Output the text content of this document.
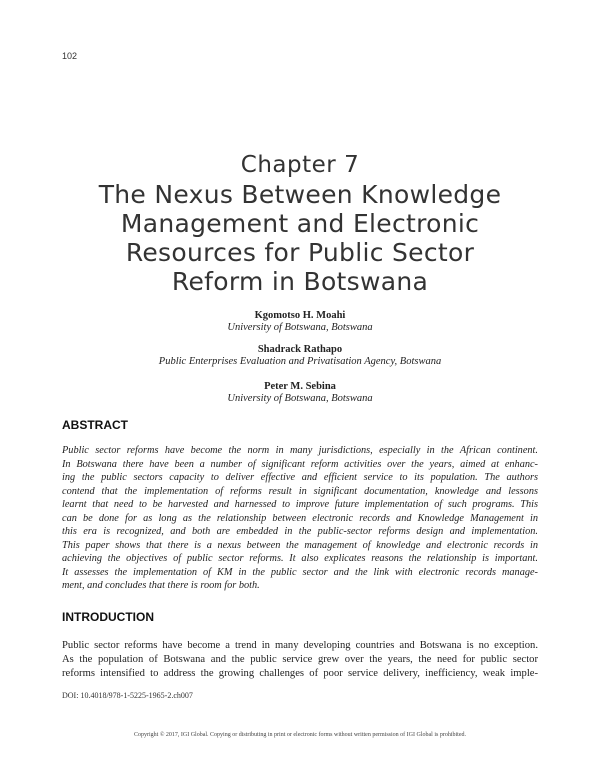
102
Chapter 7
The Nexus Between Knowledge
Management and Electronic
Resources for Public Sector
Reform in Botswana
Kgomotso H. Moahi
University of Botswana, Botswana
Shadrack Rathapo
Public Enterprises Evaluation and Privatisation Agency, Botswana
Peter M. Sebina
University of Botswana, Botswana
ABSTRACT
Public sector reforms have become the norm in many jurisdictions, especially in the African continent.
In Botswana there have been a number of significant reform activities over the years, aimed at enhanc-
ing the public sectors capacity to deliver effective and efficient service to its population. The authors
contend that the implementation of reforms result in significant documentation, knowledge and lessons
learnt that need to be harvested and harnessed to improve future implementation of such programs. This
can be done for as long as the relationship between electronic records and Knowledge Management in
this era is recognized, and both are embedded in the public-sector reforms design and implementation.
This paper shows that there is a nexus between the management of knowledge and electronic records in
achieving the objectives of public sector reforms. It also explicates reasons the relationship is important.
It assesses the implementation of KM in the public sector and the link with electronic records manage-
ment, and concludes that there is room for both.
INTRODUCTION
Public sector reforms have become a trend in many developing countries and Botswana is no exception.
As the population of Botswana and the public service grew over the years, the need for public sector
reforms intensified to address the growing challenges of poor service delivery, inefficiency, weak imple-
DOI: 10.4018/978-1-5225-1965-2.ch007
Copyright © 2017, IGI Global. Copying or distributing in print or electronic forms without written permission of IGI Global is prohibited.
